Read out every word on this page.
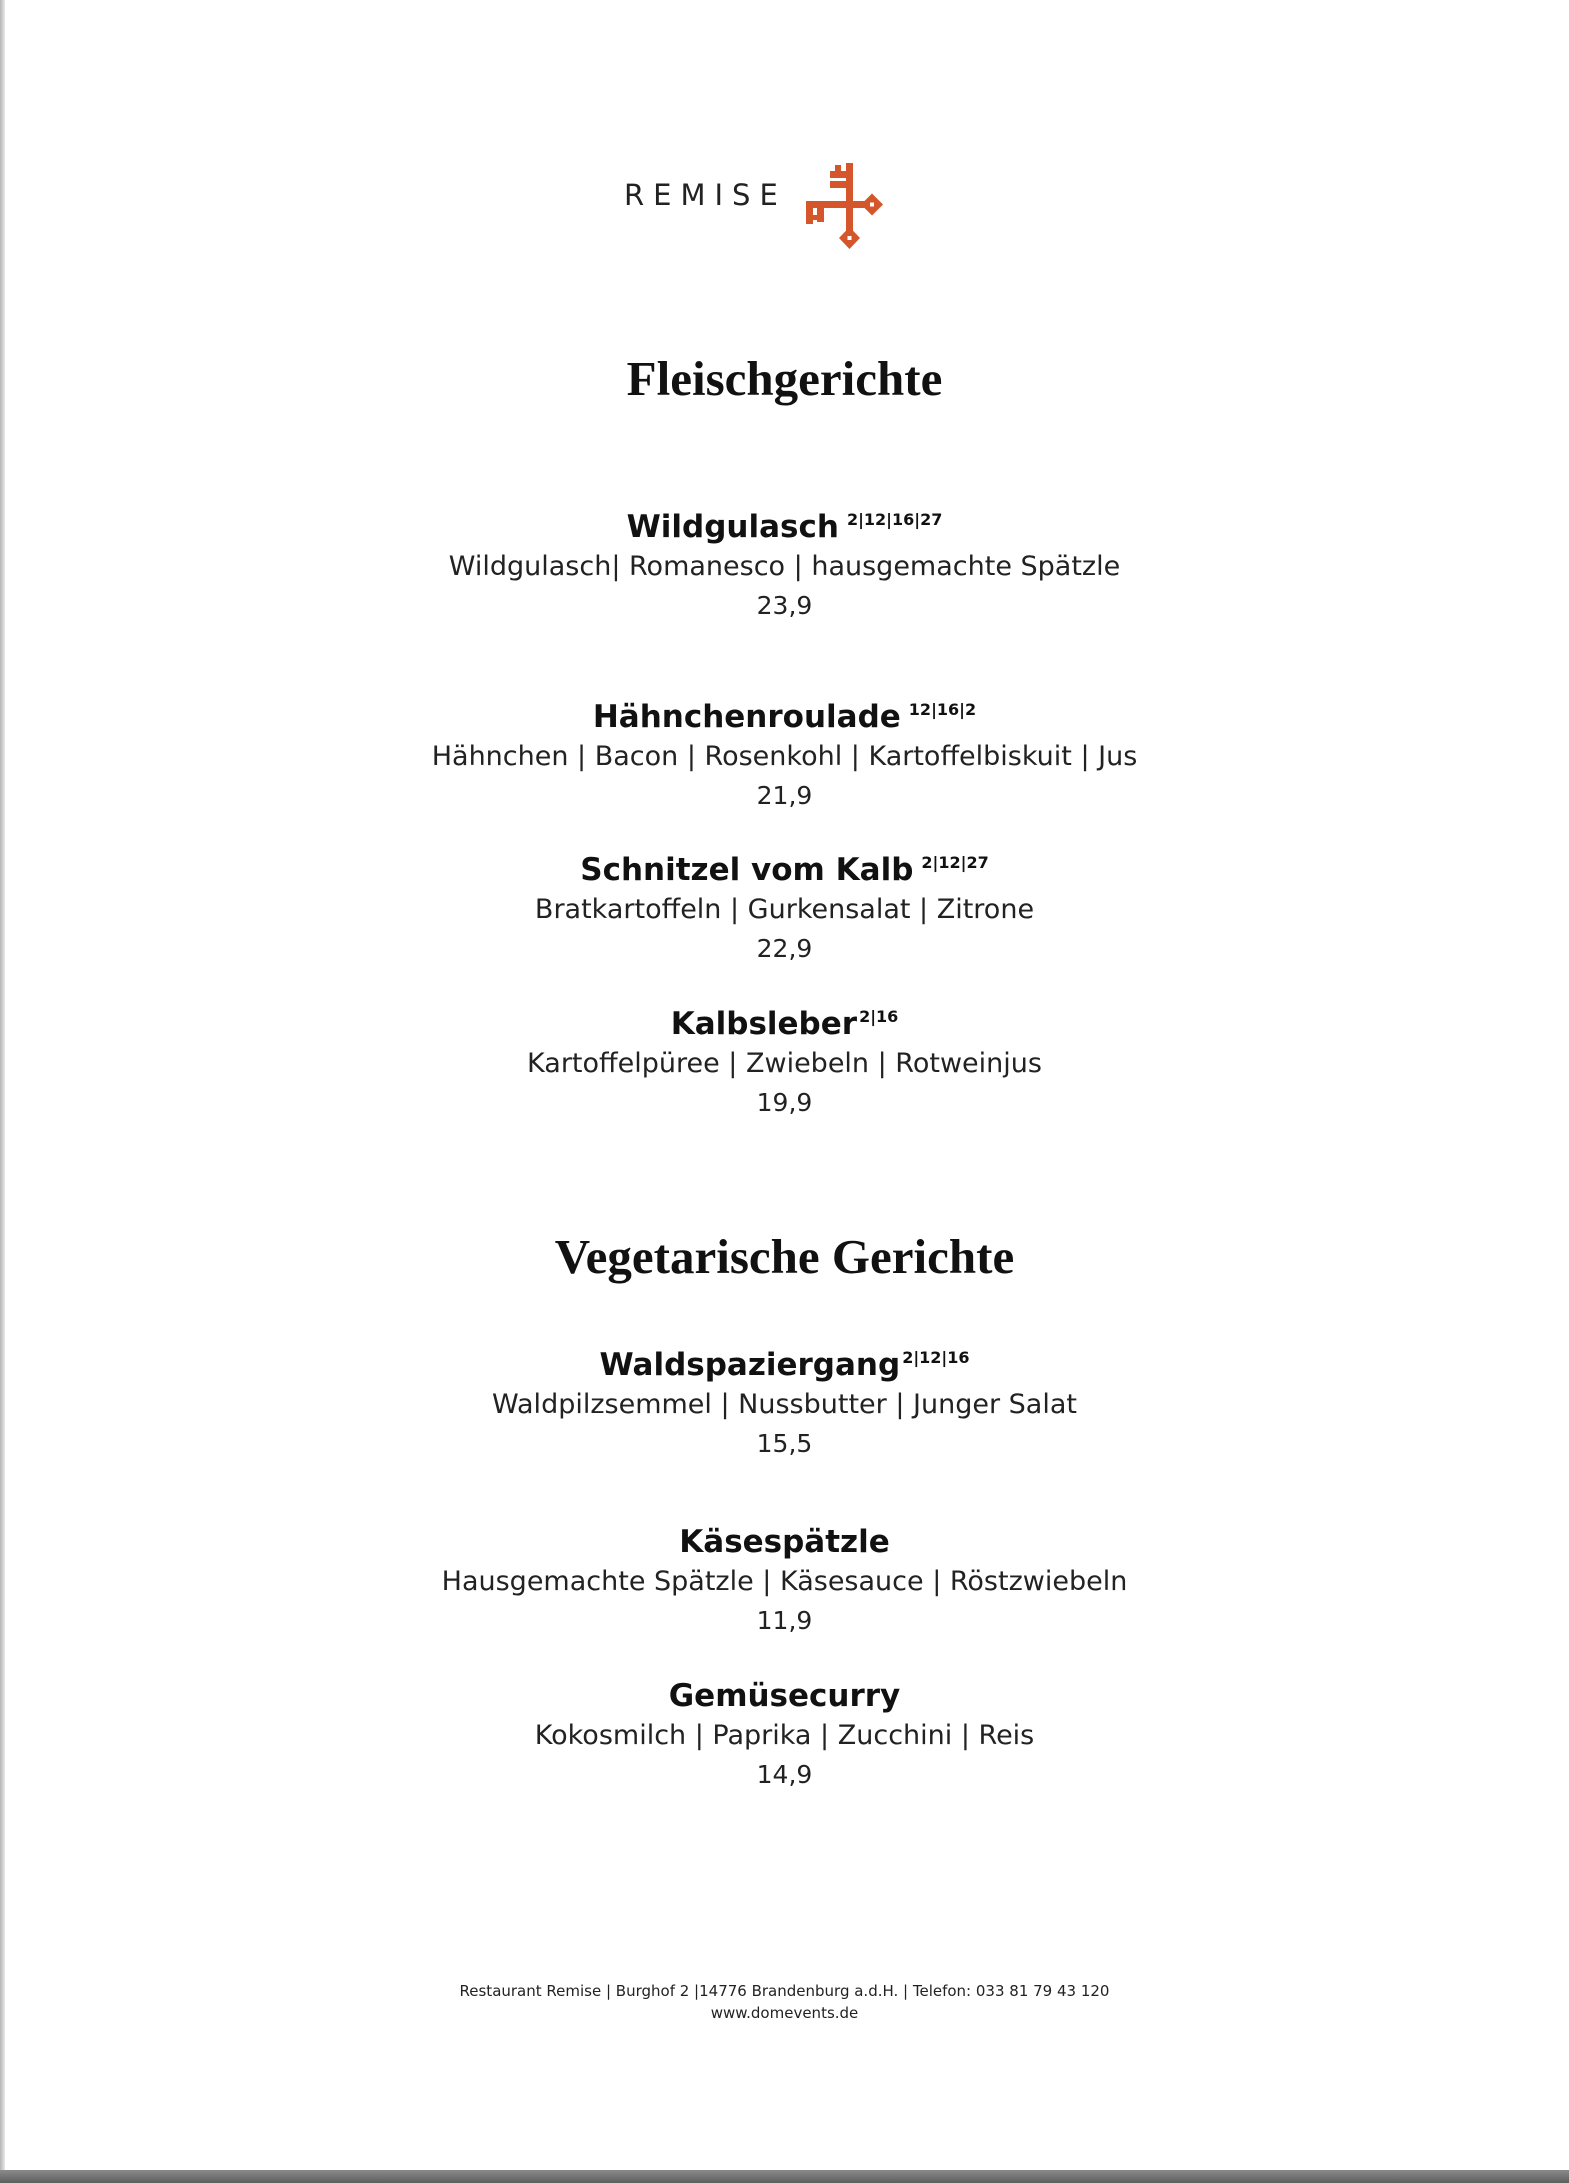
REMISE
Fleischgerichte
Wildgulasch $^{2|12|16|27}$
Wildgulasch| Romanesco | hausgemachte Spätzle
23,9
Hähnchenroulade $^{12|16|2}$
Hähnchen | Bacon | Rosenkohl | Kartoffelbiskuit | Jus
21,9
Schnitzel vom Kalb $^{2|12|27}$
Bratkartoffeln | Gurkensalat | Zitrone
22,9
Kalbsleber $^{2|16}$
Kartoffelpüree | Zwiebeln | Rotweinjus
19,9
Vegetarische Gerichte
Waldspaziergang $^{2|12|16}$
Waldpilzsemmel | Nussbutter | Junger Salat
15,5
Käsespätzle
Hausgemachte Spätzle | Käsesauce | Röstzwiebeln
11,9
Gemüsecurry
Kokosmilch | Paprika | Zucchini | Reis
14,9
Restaurant Remise | Burghof 2 |14776 Brandenburg a.d.H. | Telefon: 033 81 79 43 120
www.domevents.de
